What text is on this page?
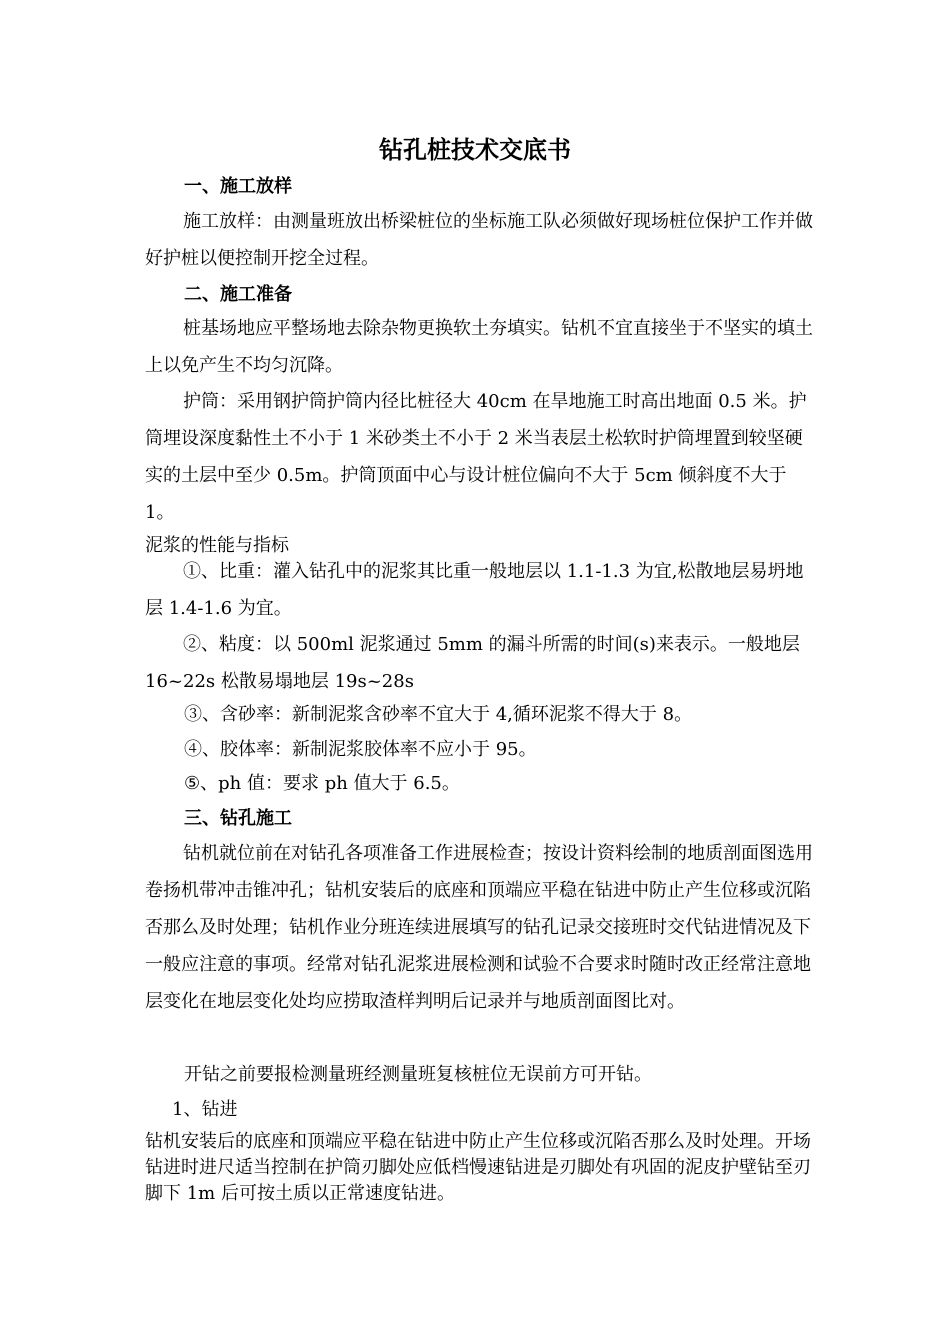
钻孔桩技术交底书
一、施工放样

施工放样：由测量班放出桥梁桩位的坐标施工队必须做好现场桩位保护工作并做好护桩以便控制开挖全过程。

二、施工准备

桩基场地应平整场地去除杂物更换软土夯填实。钻机不宜直接坐于不坚实的填土上以免产生不均匀沉降。

护筒：采用钢护筒护筒内径比桩径大 40cm 在旱地施工时高出地面 0.5 米。护筒埋设深度黏性土不小于 1 米砂类土不小于 2 米当表层土松软时护筒埋置到较坚硬实的土层中至少 0.5m。护筒顶面中心与设计桩位偏向不大于 5cm 倾斜度不大于 1。

泥浆的性能与指标

①、比重：灌入钻孔中的泥浆其比重一般地层以 1.1-1.3 为宜,松散地层易坍地层 1.4-1.6 为宜。

②、粘度：以 500ml 泥浆通过 5mm 的漏斗所需的时间(s)来表示。一般地层 16~22s 松散易塌地层 19s~28s

③、含砂率：新制泥浆含砂率不宜大于 4,循环泥浆不得大于 8。

④、胶体率：新制泥浆胶体率不应小于 95。

⑤、ph 值：要求 ph 值大于 6.5。

三、钻孔施工

钻机就位前在对钻孔各项准备工作进展检查；按设计资料绘制的地质剖面图选用卷扬机带冲击锥冲孔；钻机安装后的底座和顶端应平稳在钻进中防止产生位移或沉陷否那么及时处理；钻机作业分班连续进展填写的钻孔记录交接班时交代钻进情况及下一般应注意的事项。经常对钻孔泥浆进展检测和试验不合要求时随时改正经常注意地层变化在地层变化处均应捞取渣样判明后记录并与地质剖面图比对。

开钻之前要报检测量班经测量班复核桩位无误前方可开钻。

1、钻进

钻机安装后的底座和顶端应平稳在钻进中防止产生位移或沉陷否那么及时处理。开场钻进时进尺适当控制在护筒刃脚处应低档慢速钻进是刃脚处有巩固的泥皮护壁钻至刃脚下 1m 后可按土质以正常速度钻进。
